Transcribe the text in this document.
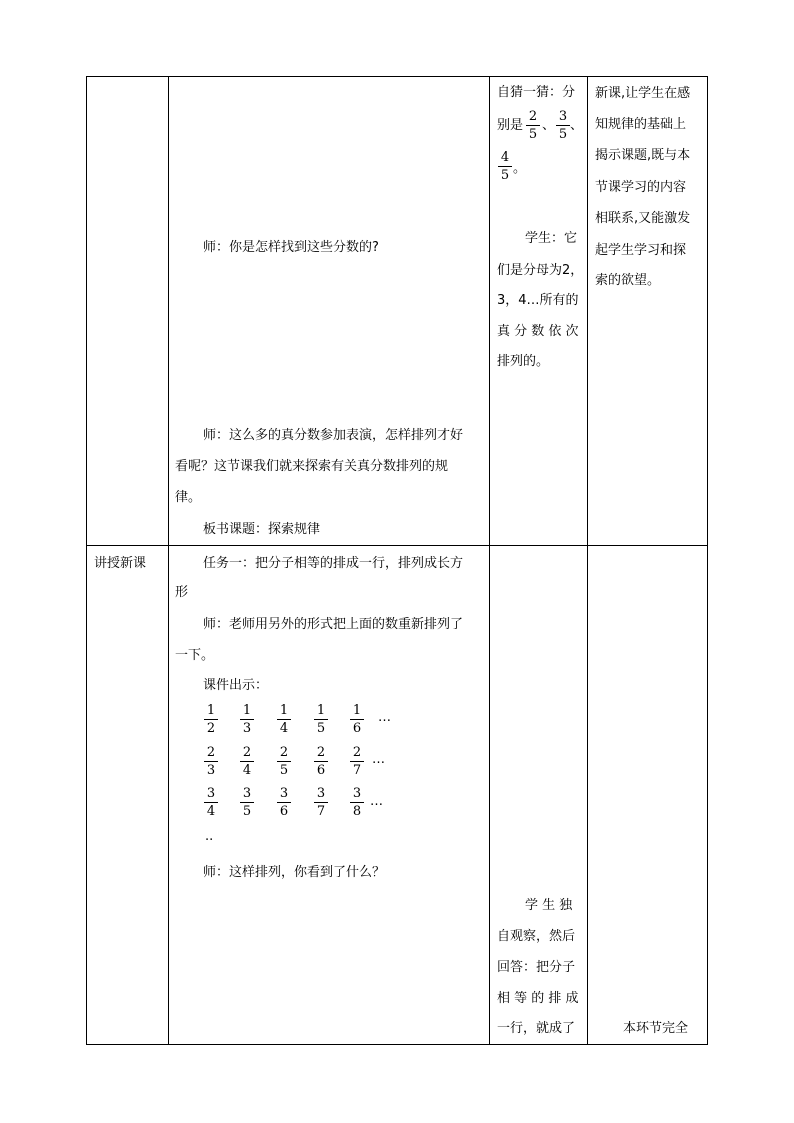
师：你是怎样找到这些分数的?
师：这么多的真分数参加表演，怎样排列才好
看呢？这节课我们就来探索有关真分数排列的规
律。
板书课题：探索规律
自猜一猜：分
别是
2
5
、
3
5
、
4
5 。
学生：它
们是分母为2，
3，4…所有的
真 分 数 依 次
排列的。
新课,让学生在感
知规律的基础上
揭示课题,既与本
节课学习的内容
相联系,又能激发
起学生学习和探
索的欲望。
讲授新课	任务一：把分子相等的排成一行，排列成长方
形
师：老师用另外的形式把上面的数重新排列了
一下。
课件出示：
1
2
1
3
1
4
1
5
1
6
…
2
3
2
4
2
5
2
6
2
7
…
3
4
3
5
3
6
3
7
3
8
…
..
师：这样排列，你看到了什么？
学 生 独
自观察，然后
回答：把分子
相 等 的 排 成
一行，就成了	本环节完全
